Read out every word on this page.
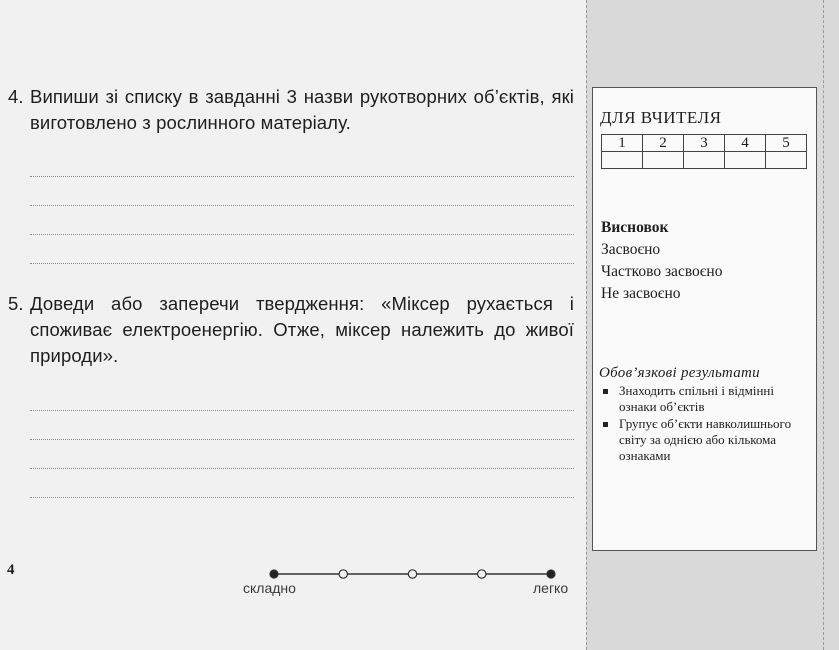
4. Випиши зі списку в завданні 3 назви рукотворних об’єктів, які виготовлено з рослинного матеріалу.
5. Доведи або заперечи твердження: «Міксер рухається і споживає електроенергію. Отже, міксер належить до живої природи».
4
складно	легко
ДЛЯ ВЧИТЕЛЯ
1	2	3	4	5

Висновок
Засвоєно
Частково засвоєно
Не засвоєно
Обов’язкові результати
Знаходить спільні і відмінні ознаки об’єктів
Групує об’єкти навколишнього світу за однією або кількома ознаками
